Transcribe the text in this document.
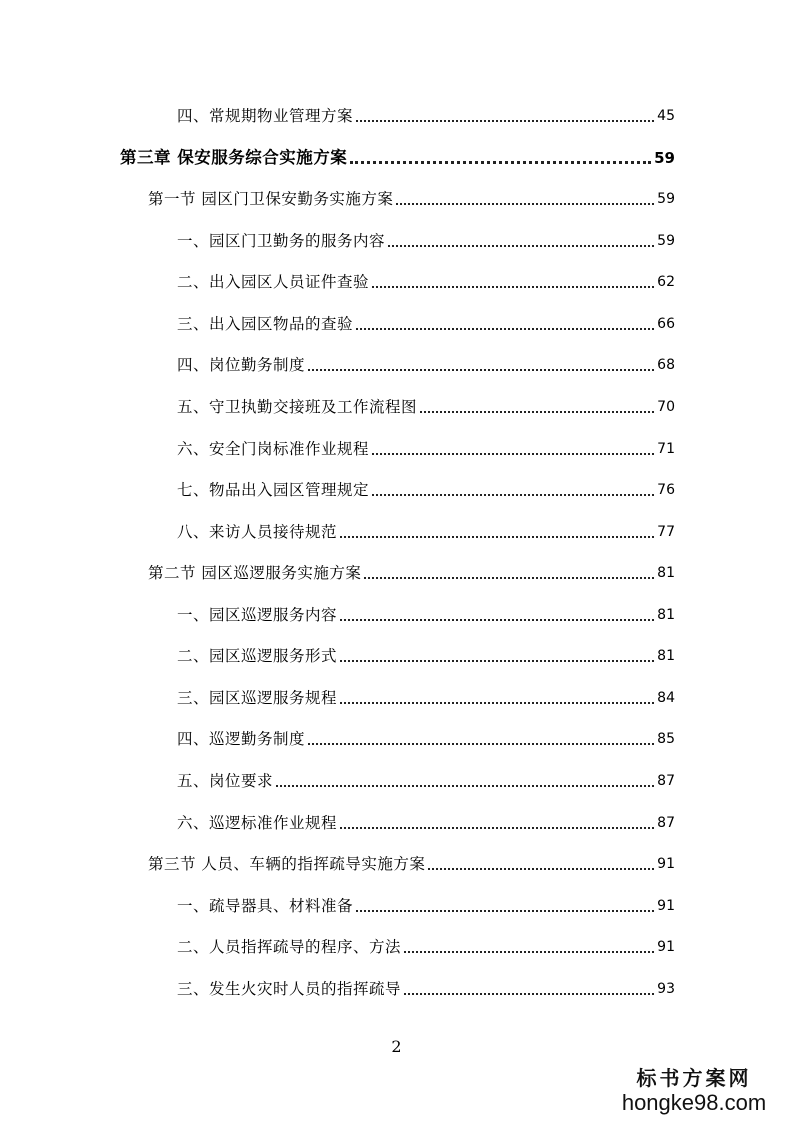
四、常规期物业管理方案	45
第三章 保安服务综合实施方案	59
第一节 园区门卫保安勤务实施方案	59
一、园区门卫勤务的服务内容	59
二、出入园区人员证件查验	62
三、出入园区物品的查验	66
四、岗位勤务制度	68
五、守卫执勤交接班及工作流程图	70
六、安全门岗标准作业规程	71
七、物品出入园区管理规定	76
八、来访人员接待规范	77
第二节 园区巡逻服务实施方案	81
一、园区巡逻服务内容	81
二、园区巡逻服务形式	81
三、园区巡逻服务规程	84
四、巡逻勤务制度	85
五、岗位要求	87
六、巡逻标准作业规程	87
第三节 人员、车辆的指挥疏导实施方案	91
一、疏导器具、材料准备	91
二、人员指挥疏导的程序、方法	91
三、发生火灾时人员的指挥疏导	93
2
标书方案网
hongke98.com
